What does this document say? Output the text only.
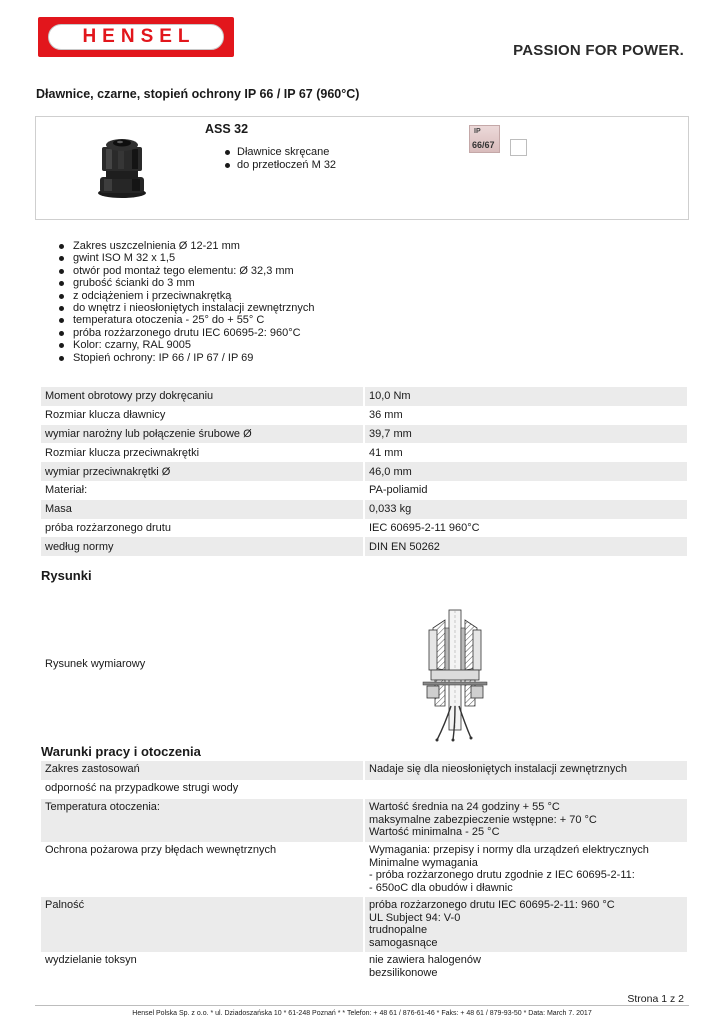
HENSEL
PASSION FOR POWER.
Dławnice, czarne, stopień ochrony IP 66 / IP 67 (960°C)
ASS 32
Dławnice skręcane
do przetłoczeń M 32
IP
66/67
Zakres uszczelnienia Ø 12-21 mm
gwint ISO M 32 x 1,5
otwór pod montaż tego elementu: Ø 32,3 mm
grubość ścianki do 3 mm
z odciążeniem i przeciwnakrętką
do wnętrz i nieosłoniętych instalacji zewnętrznych
temperatura otoczenia - 25° do + 55° C
próba rozżarzonego drutu IEC 60695-2: 960°C
Kolor: czarny, RAL 9005
Stopień ochrony: IP 66 / IP 67 / IP 69
Moment obrotowy przy dokręcaniu		10,0 Nm
Rozmiar klucza dławnicy		36 mm
wymiar narożny lub połączenie śrubowe Ø		39,7 mm
Rozmiar klucza przeciwnakrętki		41 mm
wymiar przeciwnakrętki Ø		46,0 mm
Materiał:		PA-poliamid
Masa		0,033 kg
próba rozżarzonego drutu		IEC 60695-2-11 960°C
według normy		DIN EN 50262
Rysunki
Rysunek wymiarowy
Warunki pracy i otoczenia
Zakres zastosowań		Nadaje się dla nieosłoniętych instalacji zewnętrznych
odporność na przypadkowe strugi wody		
Temperatura otoczenia:		Wartość średnia na 24 godziny + 55 °C
maksymalne zabezpieczenie wstępne: + 70 °C
Wartość minimalna - 25 °C
Ochrona pożarowa przy błędach wewnętrznych		Wymagania: przepisy i normy dla urządzeń elektrycznych
Minimalne wymagania
- próba rozżarzonego drutu zgodnie z IEC 60695-2-11:
- 650oC dla obudów i dławnic
Palność		próba rozżarzonego drutu IEC 60695-2-11: 960 °C
UL Subject 94: V-0
trudnopalne
samogasnące
wydzielanie toksyn		nie zawiera halogenów
bezsilikonowe
Strona 1 z 2
Hensel Polska Sp. z o.o. * ul. Dziadoszańska 10 * 61-248 Poznań * * Telefon: + 48 61 / 876-61-46 * Faks: + 48 61 / 879-93-50 * Data: March 7. 2017
